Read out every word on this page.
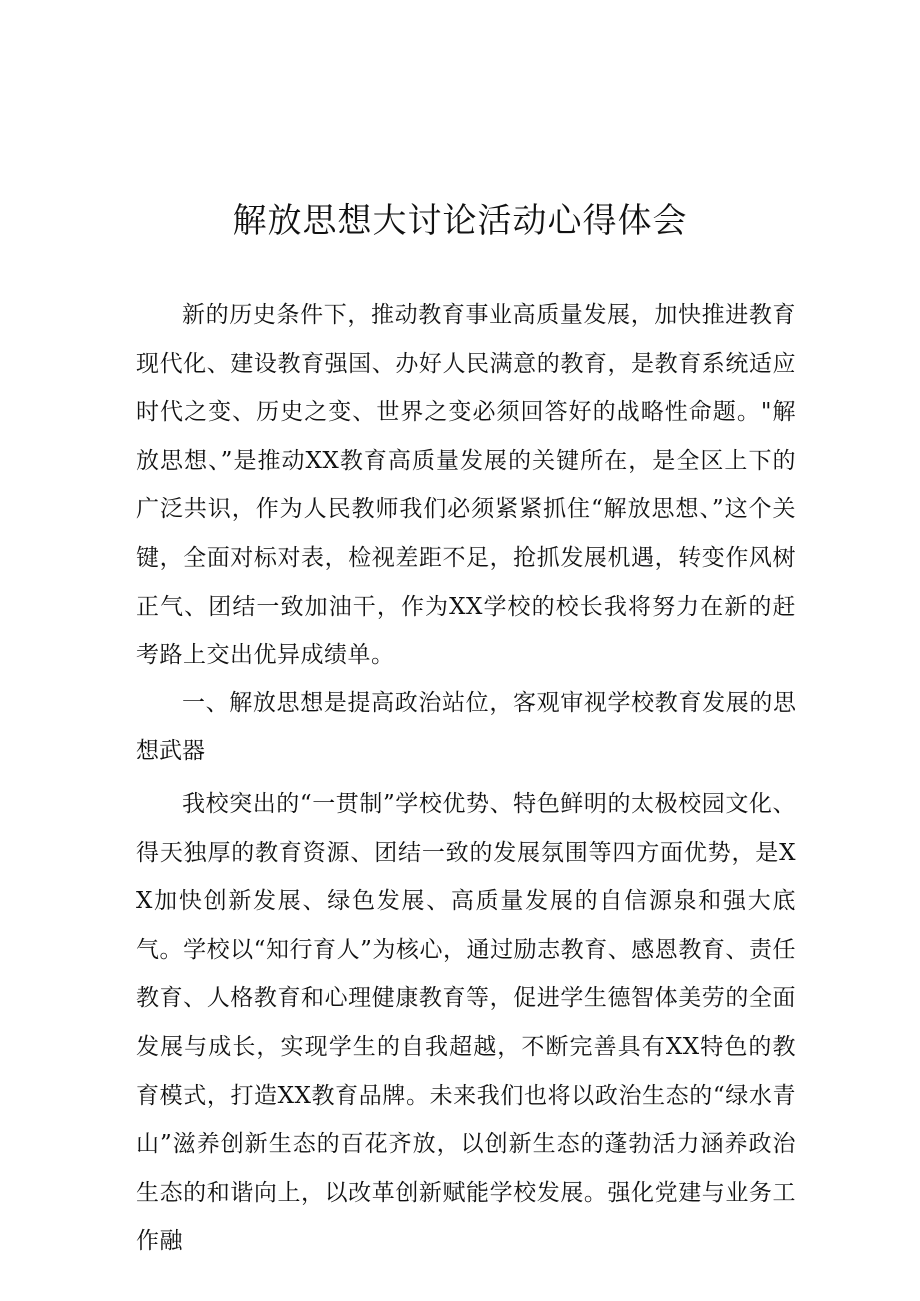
解放思想大讨论活动心得体会

新的历史条件下，推动教育事业高质量发展，加快推进教育现代化、建设教育强国、办好人民满意的教育，是教育系统适应时代之变、历史之变、世界之变必须回答好的战略性命题。"解放思想、”是推动XX教育高质量发展的关键所在，是全区上下的广泛共识，作为人民教师我们必须紧紧抓住“解放思想、”这个关键，全面对标对表，检视差距不足，抢抓发展机遇，转变作风树正气、团结一致加油干，作为XX学校的校长我将努力在新的赶考路上交出优异成绩单。

一、解放思想是提高政治站位，客观审视学校教育发展的思想武器

我校突出的“一贯制”学校优势、特色鲜明的太极校园文化、得天独厚的教育资源、团结一致的发展氛围等四方面优势，是XX加快创新发展、绿色发展、高质量发展的自信源泉和强大底气。学校以“知行育人”为核心，通过励志教育、感恩教育、责任教育、人格教育和心理健康教育等，促进学生德智体美劳的全面发展与成长，实现学生的自我超越，不断完善具有XX特色的教育模式，打造XX教育品牌。未来我们也将以政治生态的“绿水青山”滋养创新生态的百花齐放，以创新生态的蓬勃活力涵养政治生态的和谐向上，以改革创新赋能学校发展。强化党建与业务工作融
